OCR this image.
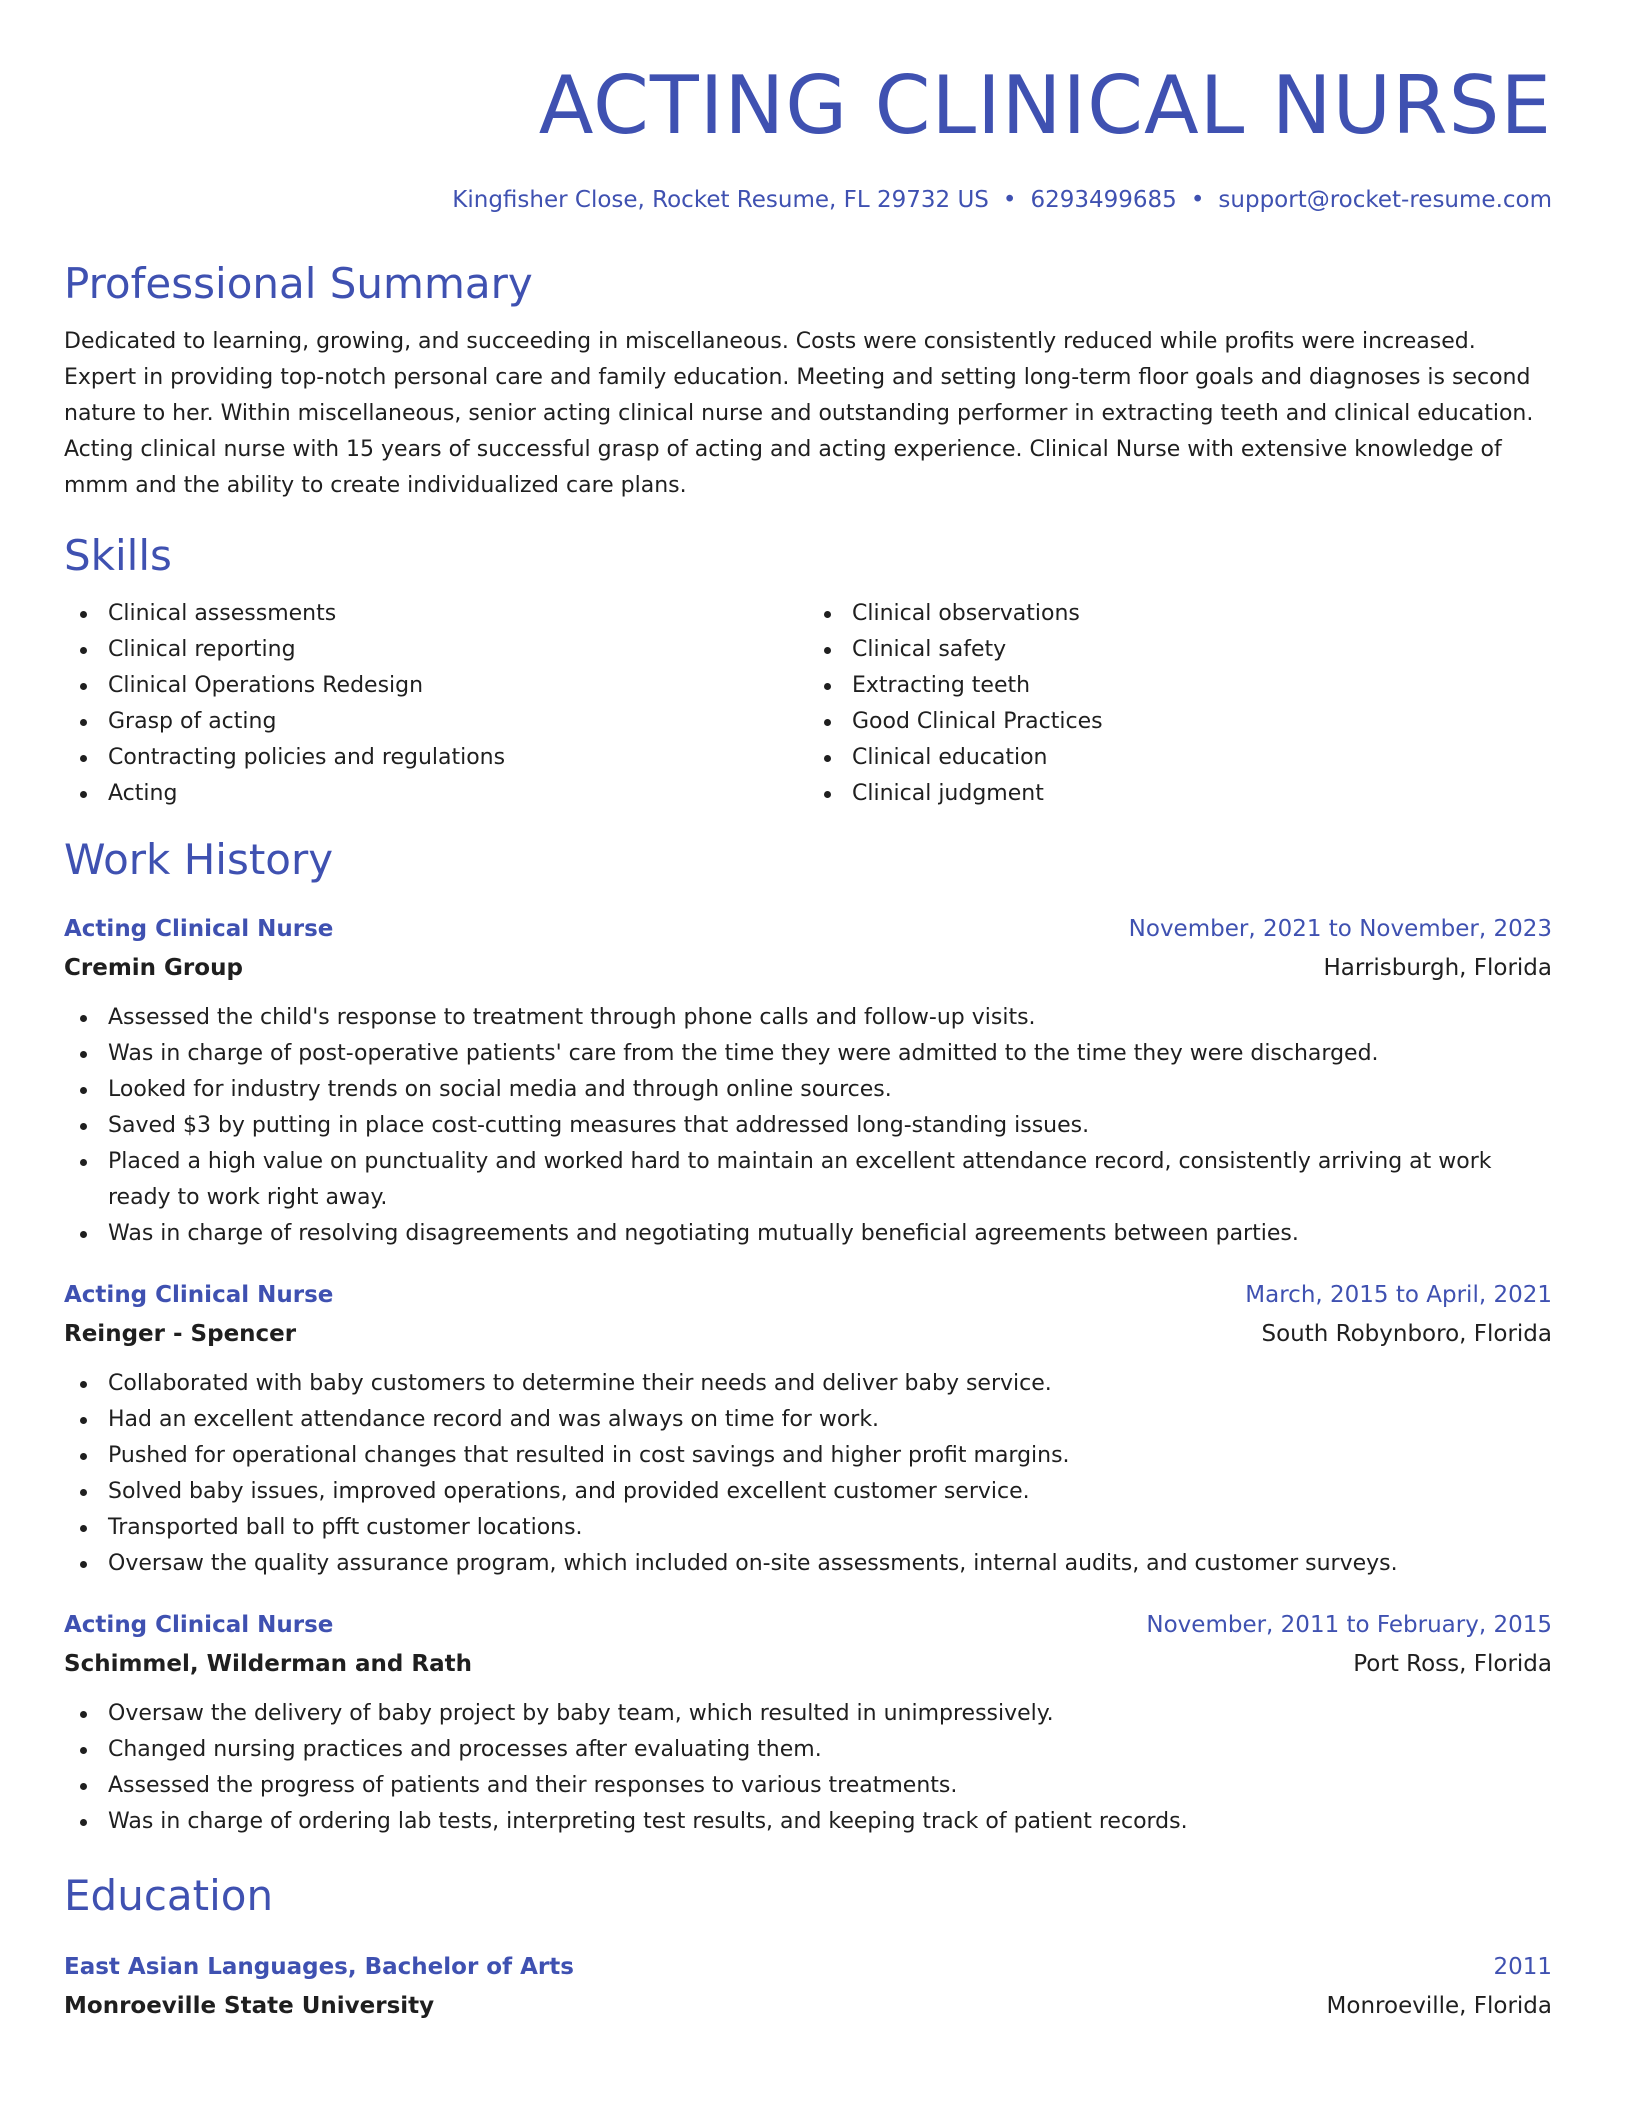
ACTING CLINICAL NURSE
Kingfisher Close, Rocket Resume, FL 29732 US • 6293499685 • support@rocket-resume.com
Professional Summary

Dedicated to learning, growing, and succeeding in miscellaneous. Costs were consistently reduced while profits were increased. Expert in providing top-notch personal care and family education. Meeting and setting long-term floor goals and diagnoses is second nature to her. Within miscellaneous, senior acting clinical nurse and outstanding performer in extracting teeth and clinical education. Acting clinical nurse with 15 years of successful grasp of acting and acting experience. Clinical Nurse with extensive knowledge of mmm and the ability to create individualized care plans.

Skills
Clinical assessments
Clinical reporting
Clinical Operations Redesign
Grasp of acting
Contracting policies and regulations
Acting
Clinical observations
Clinical safety
Extracting teeth
Good Clinical Practices
Clinical education
Clinical judgment
Work History
Acting Clinical Nurse	November, 2021 to November, 2023
Cremin Group	Harrisburgh, Florida
Assessed the child's response to treatment through phone calls and follow-up visits.
Was in charge of post-operative patients' care from the time they were admitted to the time they were discharged.
Looked for industry trends on social media and through online sources.
Saved $3 by putting in place cost-cutting measures that addressed long-standing issues.
Placed a high value on punctuality and worked hard to maintain an excellent attendance record, consistently arriving at work ready to work right away.
Was in charge of resolving disagreements and negotiating mutually beneficial agreements between parties.
Acting Clinical Nurse	March, 2015 to April, 2021
Reinger - Spencer	South Robynboro, Florida
Collaborated with baby customers to determine their needs and deliver baby service.
Had an excellent attendance record and was always on time for work.
Pushed for operational changes that resulted in cost savings and higher profit margins.
Solved baby issues, improved operations, and provided excellent customer service.
Transported ball to pfft customer locations.
Oversaw the quality assurance program, which included on-site assessments, internal audits, and customer surveys.
Acting Clinical Nurse	November, 2011 to February, 2015
Schimmel, Wilderman and Rath	Port Ross, Florida
Oversaw the delivery of baby project by baby team, which resulted in unimpressively.
Changed nursing practices and processes after evaluating them.
Assessed the progress of patients and their responses to various treatments.
Was in charge of ordering lab tests, interpreting test results, and keeping track of patient records.
Education
East Asian Languages, Bachelor of Arts	2011
Monroeville State University	Monroeville, Florida
